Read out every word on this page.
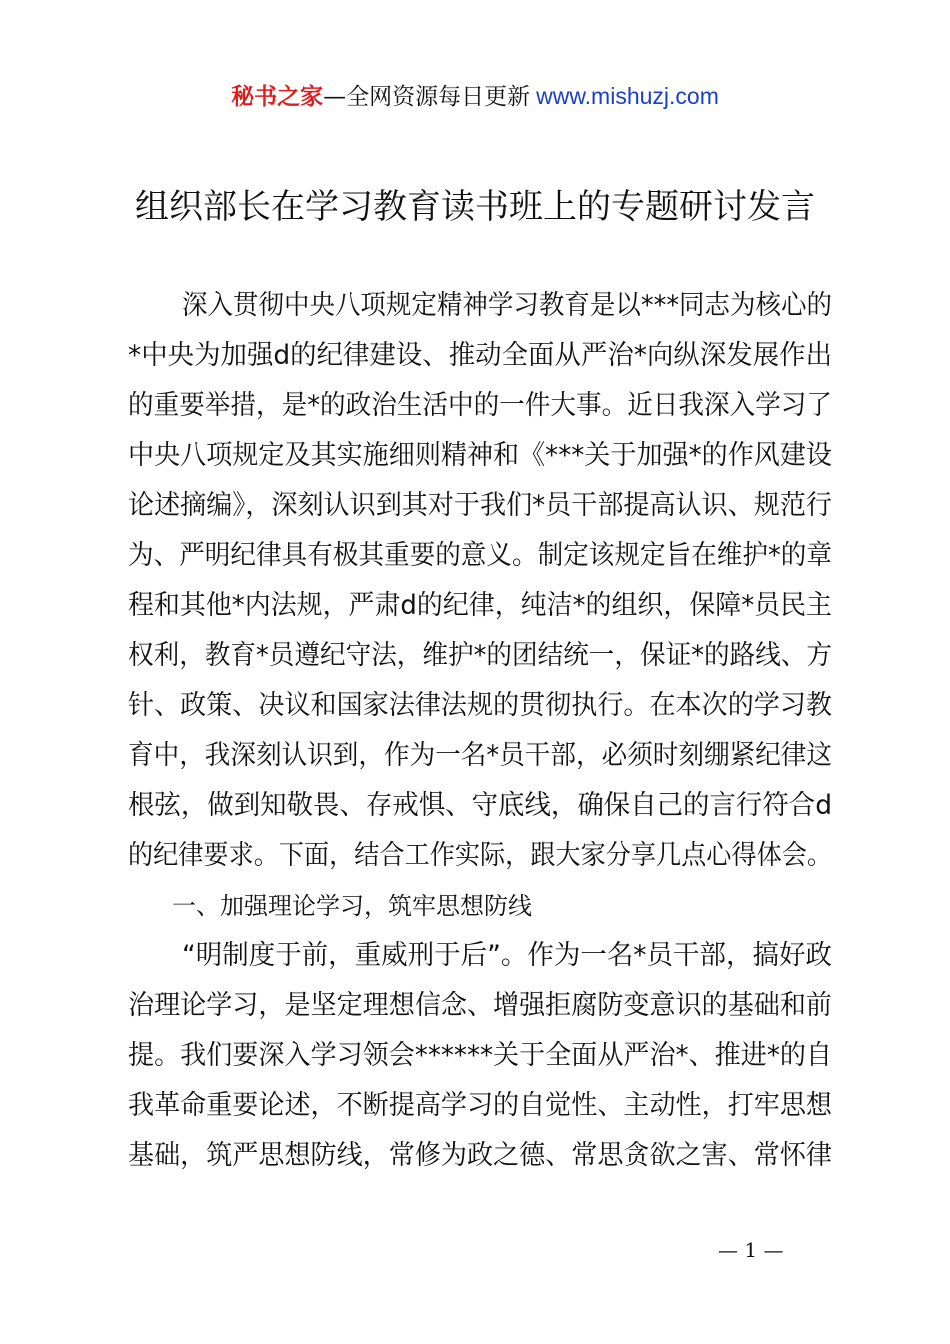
秘书之家—全网资源每日更新 www.mishuzj.com
组织部长在学习教育读书班上的专题研讨发言
深入贯彻中央八项规定精神学习教育是以***同志为核心的
*中央为加强d的纪律建设、推动全面从严治*向纵深发展作出
的重要举措，是*的政治生活中的一件大事。近日我深入学习了
中央八项规定及其实施细则精神和《***关于加强*的作风建设
论述摘编》，深刻认识到其对于我们*员干部提高认识、规范行
为、严明纪律具有极其重要的意义。制定该规定旨在维护*的章
程和其他*内法规，严肃d的纪律，纯洁*的组织，保障*员民主
权利，教育*员遵纪守法，维护*的团结统一，保证*的路线、方
针、政策、决议和国家法律法规的贯彻执行。在本次的学习教
育中，我深刻认识到，作为一名*员干部，必须时刻绷紧纪律这
根弦，做到知敬畏、存戒惧、守底线，确保自己的言行符合d
的纪律要求。下面，结合工作实际，跟大家分享几点心得体会。
一、加强理论学习，筑牢思想防线
“明制度于前，重威刑于后”。作为一名*员干部，搞好政
治理论学习，是坚定理想信念、增强拒腐防变意识的基础和前
提。我们要深入学习领会******关于全面从严治*、推进*的自
我革命重要论述，不断提高学习的自觉性、主动性，打牢思想
基础，筑严思想防线，常修为政之德、常思贪欲之害、常怀律
— 1 —
